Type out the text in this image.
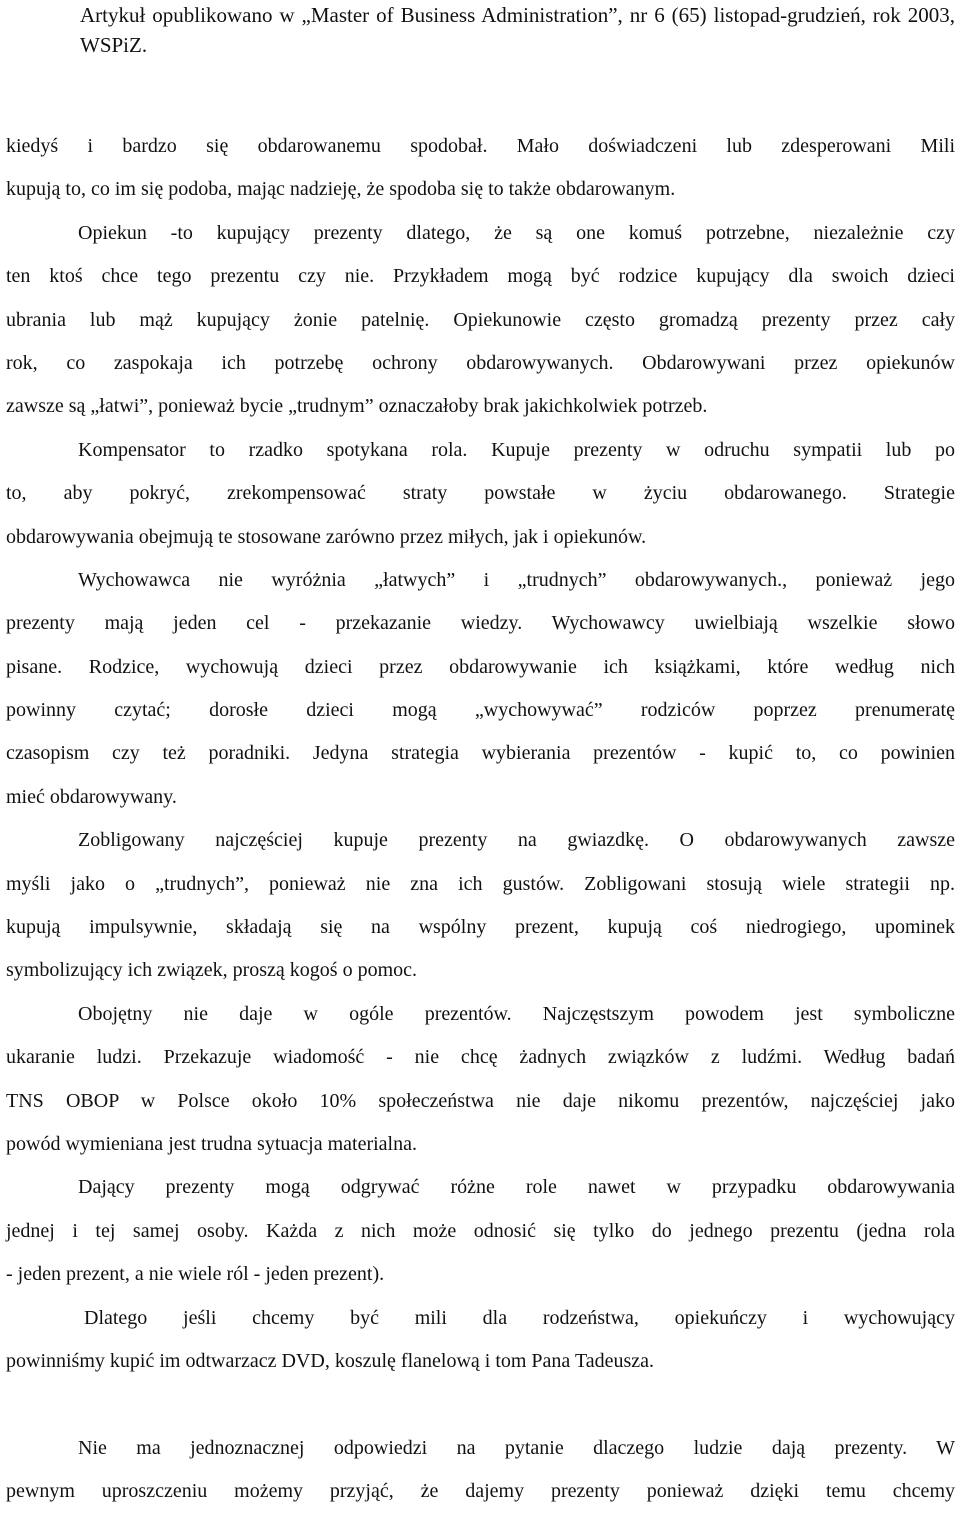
Artykuł opublikowano w „Master of Business Administration”, nr 6 (65) listopad-grudzień, rok 2003, WSPiZ.
kiedyś i bardzo się obdarowanemu spodobał. Mało doświadczeni lub zdesperowani Mili
kupują to, co im się podoba, mając nadzieję, że spodoba się to także obdarowanym.
Opiekun -to kupujący prezenty dlatego, że są one komuś potrzebne, niezależnie czy
ten ktoś chce tego prezentu czy nie. Przykładem mogą być rodzice kupujący dla swoich dzieci
ubrania lub mąż kupujący żonie patelnię. Opiekunowie często gromadzą prezenty przez cały
rok, co zaspokaja ich potrzebę ochrony obdarowywanych. Obdarowywani przez opiekunów
zawsze są „łatwi”, ponieważ bycie „trudnym” oznaczałoby brak jakichkolwiek potrzeb.
Kompensator to rzadko spotykana rola. Kupuje prezenty w odruchu sympatii lub po
to, aby pokryć, zrekompensować straty powstałe w życiu obdarowanego. Strategie
obdarowywania obejmują te stosowane zarówno przez miłych, jak i opiekunów.
Wychowawca nie wyróżnia „łatwych” i „trudnych” obdarowywanych., ponieważ jego
prezenty mają jeden cel - przekazanie wiedzy. Wychowawcy uwielbiają wszelkie słowo
pisane. Rodzice, wychowują dzieci przez obdarowywanie ich książkami, które według nich
powinny czytać; dorosłe dzieci mogą „wychowywać” rodziców poprzez prenumeratę
czasopism czy też poradniki. Jedyna strategia wybierania prezentów - kupić to, co powinien
mieć obdarowywany.
Zobligowany najczęściej kupuje prezenty na gwiazdkę. O obdarowywanych zawsze
myśli jako o „trudnych”, ponieważ nie zna ich gustów. Zobligowani stosują wiele strategii np.
kupują impulsywnie, składają się na wspólny prezent, kupują coś niedrogiego, upominek
symbolizujący ich związek, proszą kogoś o pomoc.
Obojętny nie daje w ogóle prezentów. Najczęstszym powodem jest symboliczne
ukaranie ludzi. Przekazuje wiadomość - nie chcę żadnych związków z ludźmi. Według badań
TNS OBOP w Polsce około 10% społeczeństwa nie daje nikomu prezentów, najczęściej jako
powód wymieniana jest trudna sytuacja materialna.
Dający prezenty mogą odgrywać różne role nawet w przypadku obdarowywania
jednej i tej samej osoby. Każda z nich może odnosić się tylko do jednego prezentu (jedna rola
- jeden prezent, a nie wiele ról - jeden prezent).
Dlatego jeśli chcemy być mili dla rodzeństwa, opiekuńczy i wychowujący
powinniśmy kupić im odtwarzacz DVD, koszulę flanelową i tom Pana Tadeusza.
Nie ma jednoznacznej odpowiedzi na pytanie dlaczego ludzie dają prezenty. W
pewnym uproszczeniu możemy przyjąć, że dajemy prezenty ponieważ dzięki temu chcemy
